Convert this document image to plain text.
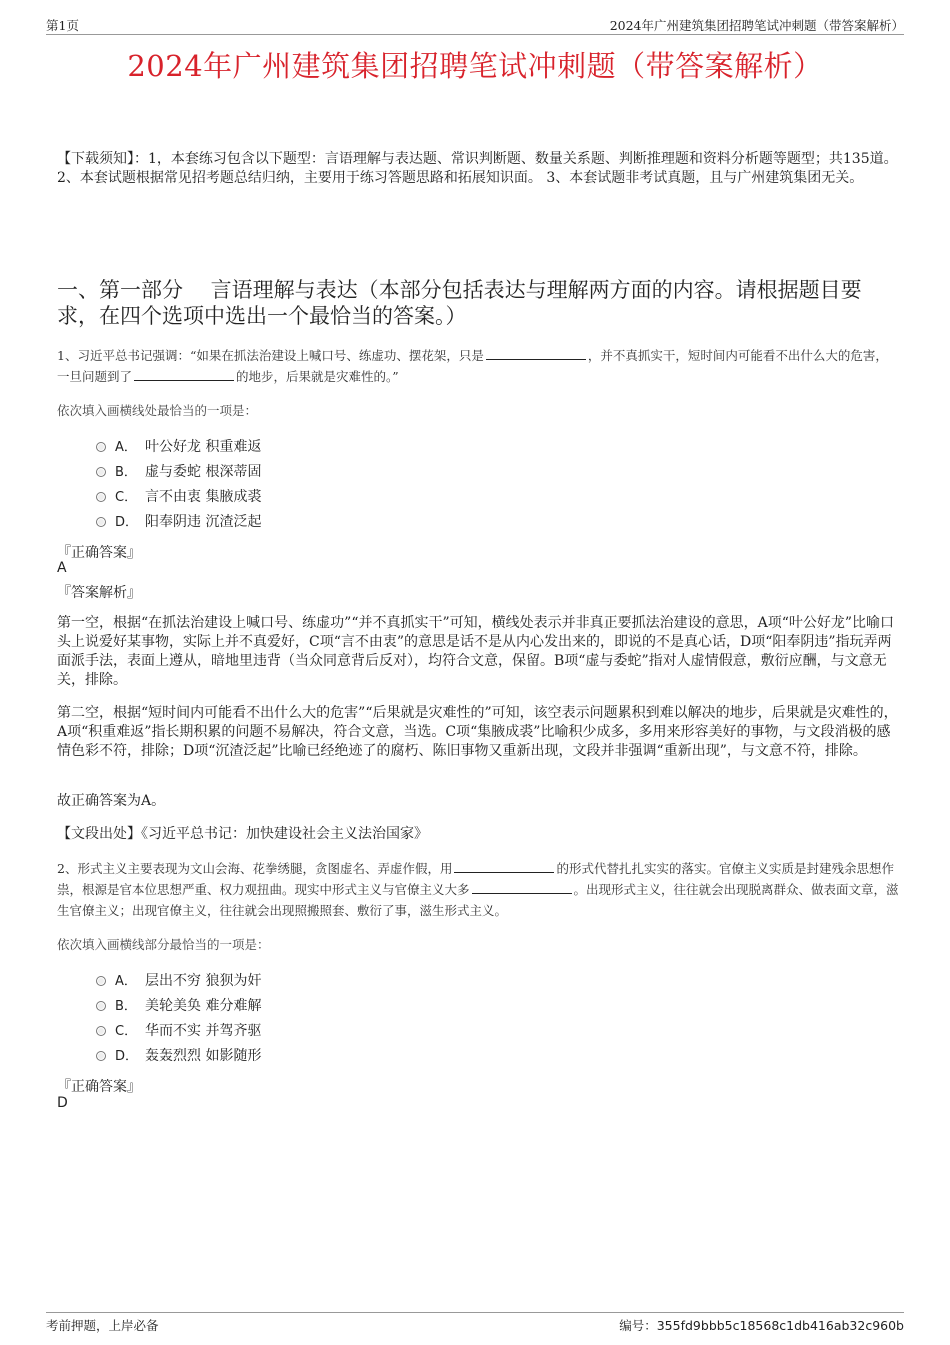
第1页	2024年广州建筑集团招聘笔试冲刺题（带答案解析）
2024年广州建筑集团招聘笔试冲刺题（带答案解析）
【下载须知】：1，本套练习包含以下题型：言语理解与表达题、常识判断题、数量关系题、判断推理题和资料分析题等题型；共135道。 2、本套试题根据常见招考题总结归纳，主要用于练习答题思路和拓展知识面。 3、本套试题非考试真题，且与广州建筑集团无关。
一、第一部分　 言语理解与表达（本部分包括表达与理解两方面的内容。请根据题目要求，在四个选项中选出一个最恰当的答案。）
1、习近平总书记强调：“如果在抓法治建设上喊口号、练虚功、摆花架，只是	，并不真抓实干，短时间内可能看不出什么大的危害，一旦问题到了	的地步，后果就是灾难性的。”
依次填入画横线处最恰当的一项是：
A． 叶公好龙 积重难返
B． 虚与委蛇 根深蒂固
C． 言不由衷 集腋成裘
D． 阳奉阴违 沉渣泛起
『正确答案』
A
『答案解析』
第一空，根据“在抓法治建设上喊口号、练虚功”“并不真抓实干”可知，横线处表示并非真正要抓法治建设的意思，A项“叶公好龙”比喻口头上说爱好某事物，实际上并不真爱好，C项“言不由衷”的意思是话不是从内心发出来的，即说的不是真心话，D项“阳奉阴违”指玩弄两面派手法，表面上遵从，暗地里违背（当众同意背后反对），均符合文意，保留。B项“虚与委蛇”指对人虚情假意，敷衍应酬，与文意无关，排除。
第二空，根据“短时间内可能看不出什么大的危害”“后果就是灾难性的”可知，该空表示问题累积到难以解决的地步，后果就是灾难性的，A项“积重难返”指长期积累的问题不易解决，符合文意，当选。C项“集腋成裘”比喻积少成多，多用来形容美好的事物，与文段消极的感情色彩不符，排除；D项“沉渣泛起”比喻已经绝迹了的腐朽、陈旧事物又重新出现，文段并非强调“重新出现”，与文意不符，排除。
故正确答案为A。
【文段出处】《习近平总书记：加快建设社会主义法治国家》
2、形式主义主要表现为文山会海、花拳绣腿，贪图虚名、弄虚作假，用	的形式代替扎扎实实的落实。官僚主义实质是封建残余思想作祟，根源是官本位思想严重、权力观扭曲。现实中形式主义与官僚主义大多	。出现形式主义，往往就会出现脱离群众、做表面文章，滋生官僚主义；出现官僚主义，往往就会出现照搬照套、敷衍了事，滋生形式主义。
依次填入画横线部分最恰当的一项是：
A． 层出不穷 狼狈为奸
B． 美轮美奂 难分难解
C． 华而不实 并驾齐驱
D． 轰轰烈烈 如影随形
『正确答案』
D
考前押题，上岸必备	编号：355fd9bbb5c18568c1db416ab32c960b
